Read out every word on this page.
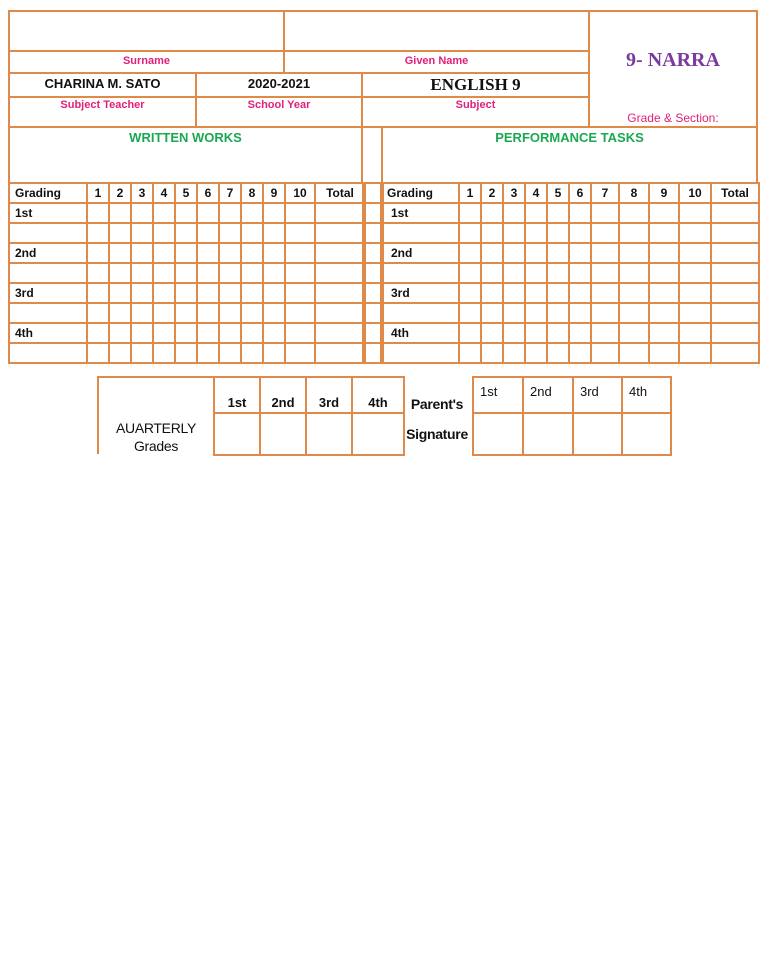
Surname	Given Name
CHARINA M. SATO	2020-2021	ENGLISH 9
Subject Teacher	School Year	Subject
9- NARRA
Grade & Section:
WRITTEN WORKS	PERFORMANCE TASKS
Grading	1	2	3	4	5	6	7	8	9	10	Total
1st											

2nd											

3rd											

4th											

Grading	1	2	3	4	5	6	7	8	9	10	Total
1st											

2nd											

3rd											

4th											

AUARTERLY
Grades
1st	2nd	3rd	4th
				Parent's
Signature
1st	2nd	3rd	4th
